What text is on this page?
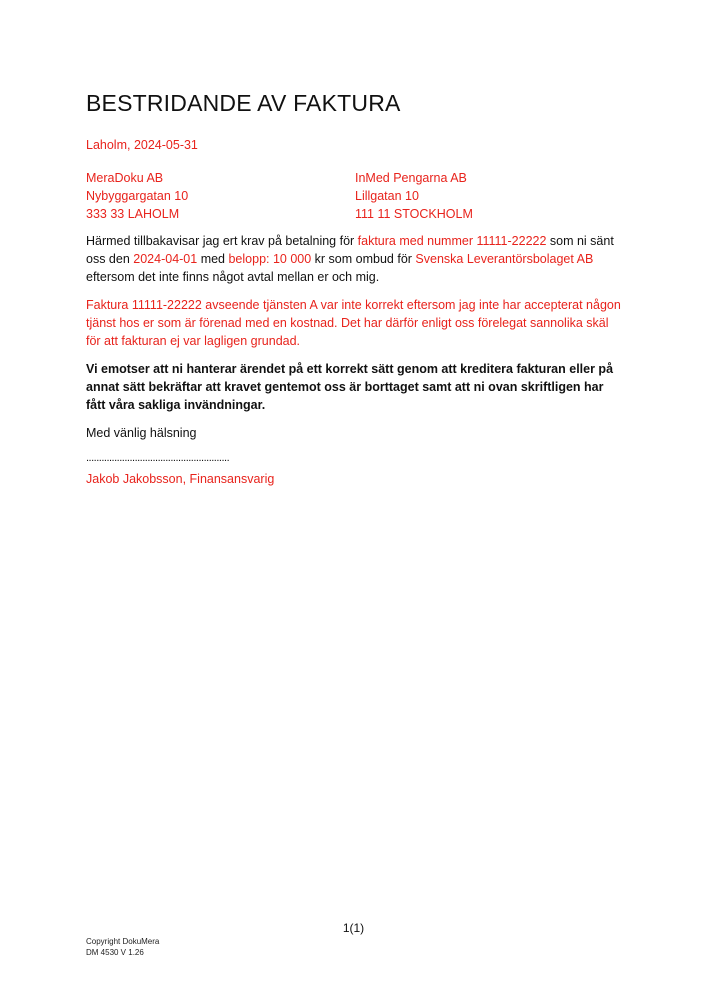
BESTRIDANDE AV FAKTURA
Laholm, 2024-05-31
MeraDoku AB
Nybyggargatan 10
333 33 LAHOLM
InMed Pengarna AB
Lillgatan 10
111 11 STOCKHOLM

Härmed tillbakavisar jag ert krav på betalning för faktura med nummer 11111-22222 som ni sänt oss den 2024-04-01 med belopp: 10 000 kr som ombud för Svenska Leverantörsbolaget AB eftersom det inte finns något avtal mellan er och mig.

Faktura 11111-22222 avseende tjänsten A var inte korrekt eftersom jag inte har accepterat någon tjänst hos er som är förenad med en kostnad. Det har därför enligt oss förelegat sannolika skäl för att fakturan ej var lagligen grundad.

Vi emotser att ni hanterar ärendet på ett korrekt sätt genom att kreditera fakturan eller på annat sätt bekräftar att kravet gentemot oss är borttaget samt att ni ovan skriftligen har fått våra sakliga invändningar.

Med vänlig hälsning
........................................................
Jakob Jakobsson, Finansansvarig
1(1)
Copyright DokuMera
DM 4530 V 1.26
